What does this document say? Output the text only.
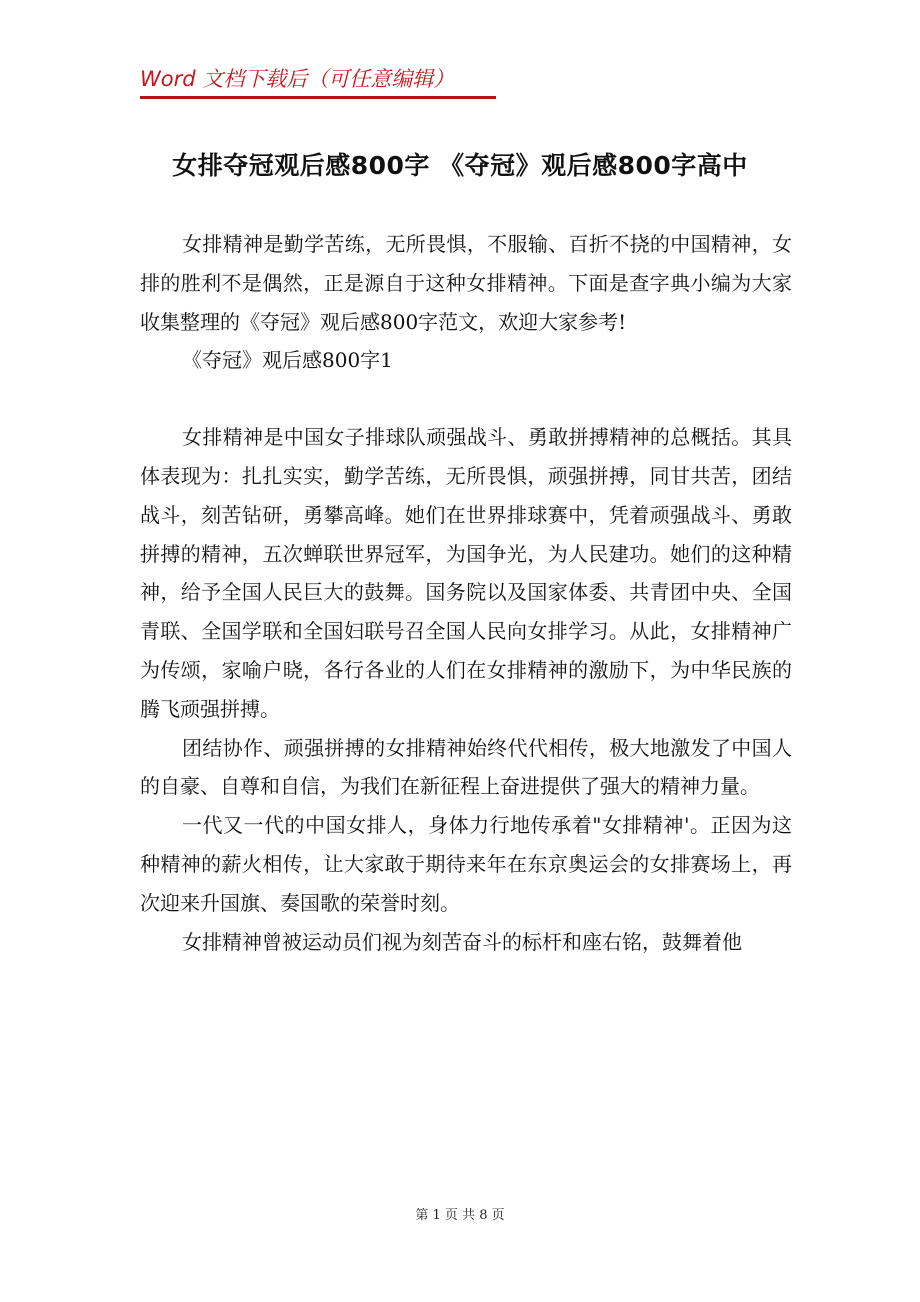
Word 文档下载后（可任意编辑）
女排夺冠观后感800字 《夺冠》观后感800字高中

女排精神是勤学苦练，无所畏惧，不服输、百折不挠的中国精神，女排的胜利不是偶然，正是源自于这种女排精神。下面是查字典小编为大家收集整理的《夺冠》观后感800字范文，欢迎大家参考!

《夺冠》观后感800字1

女排精神是中国女子排球队顽强战斗、勇敢拼搏精神的总概括。其具体表现为：扎扎实实，勤学苦练，无所畏惧，顽强拼搏，同甘共苦，团结战斗，刻苦钻研，勇攀高峰。她们在世界排球赛中，凭着顽强战斗、勇敢拼搏的精神，五次蝉联世界冠军，为国争光，为人民建功。她们的这种精神，给予全国人民巨大的鼓舞。国务院以及国家体委、共青团中央、全国青联、全国学联和全国妇联号召全国人民向女排学习。从此，女排精神广为传颂，家喻户晓，各行各业的人们在女排精神的激励下，为中华民族的腾飞顽强拼搏。

团结协作、顽强拼搏的女排精神始终代代相传，极大地激发了中国人的自豪、自尊和自信，为我们在新征程上奋进提供了强大的精神力量。

一代又一代的中国女排人，身体力行地传承着"女排精神'。正因为这种精神的薪火相传，让大家敢于期待来年在东京奥运会的女排赛场上，再次迎来升国旗、奏国歌的荣誉时刻。

女排精神曾被运动员们视为刻苦奋斗的标杆和座右铭，鼓舞着他

第 1 页 共 8 页
